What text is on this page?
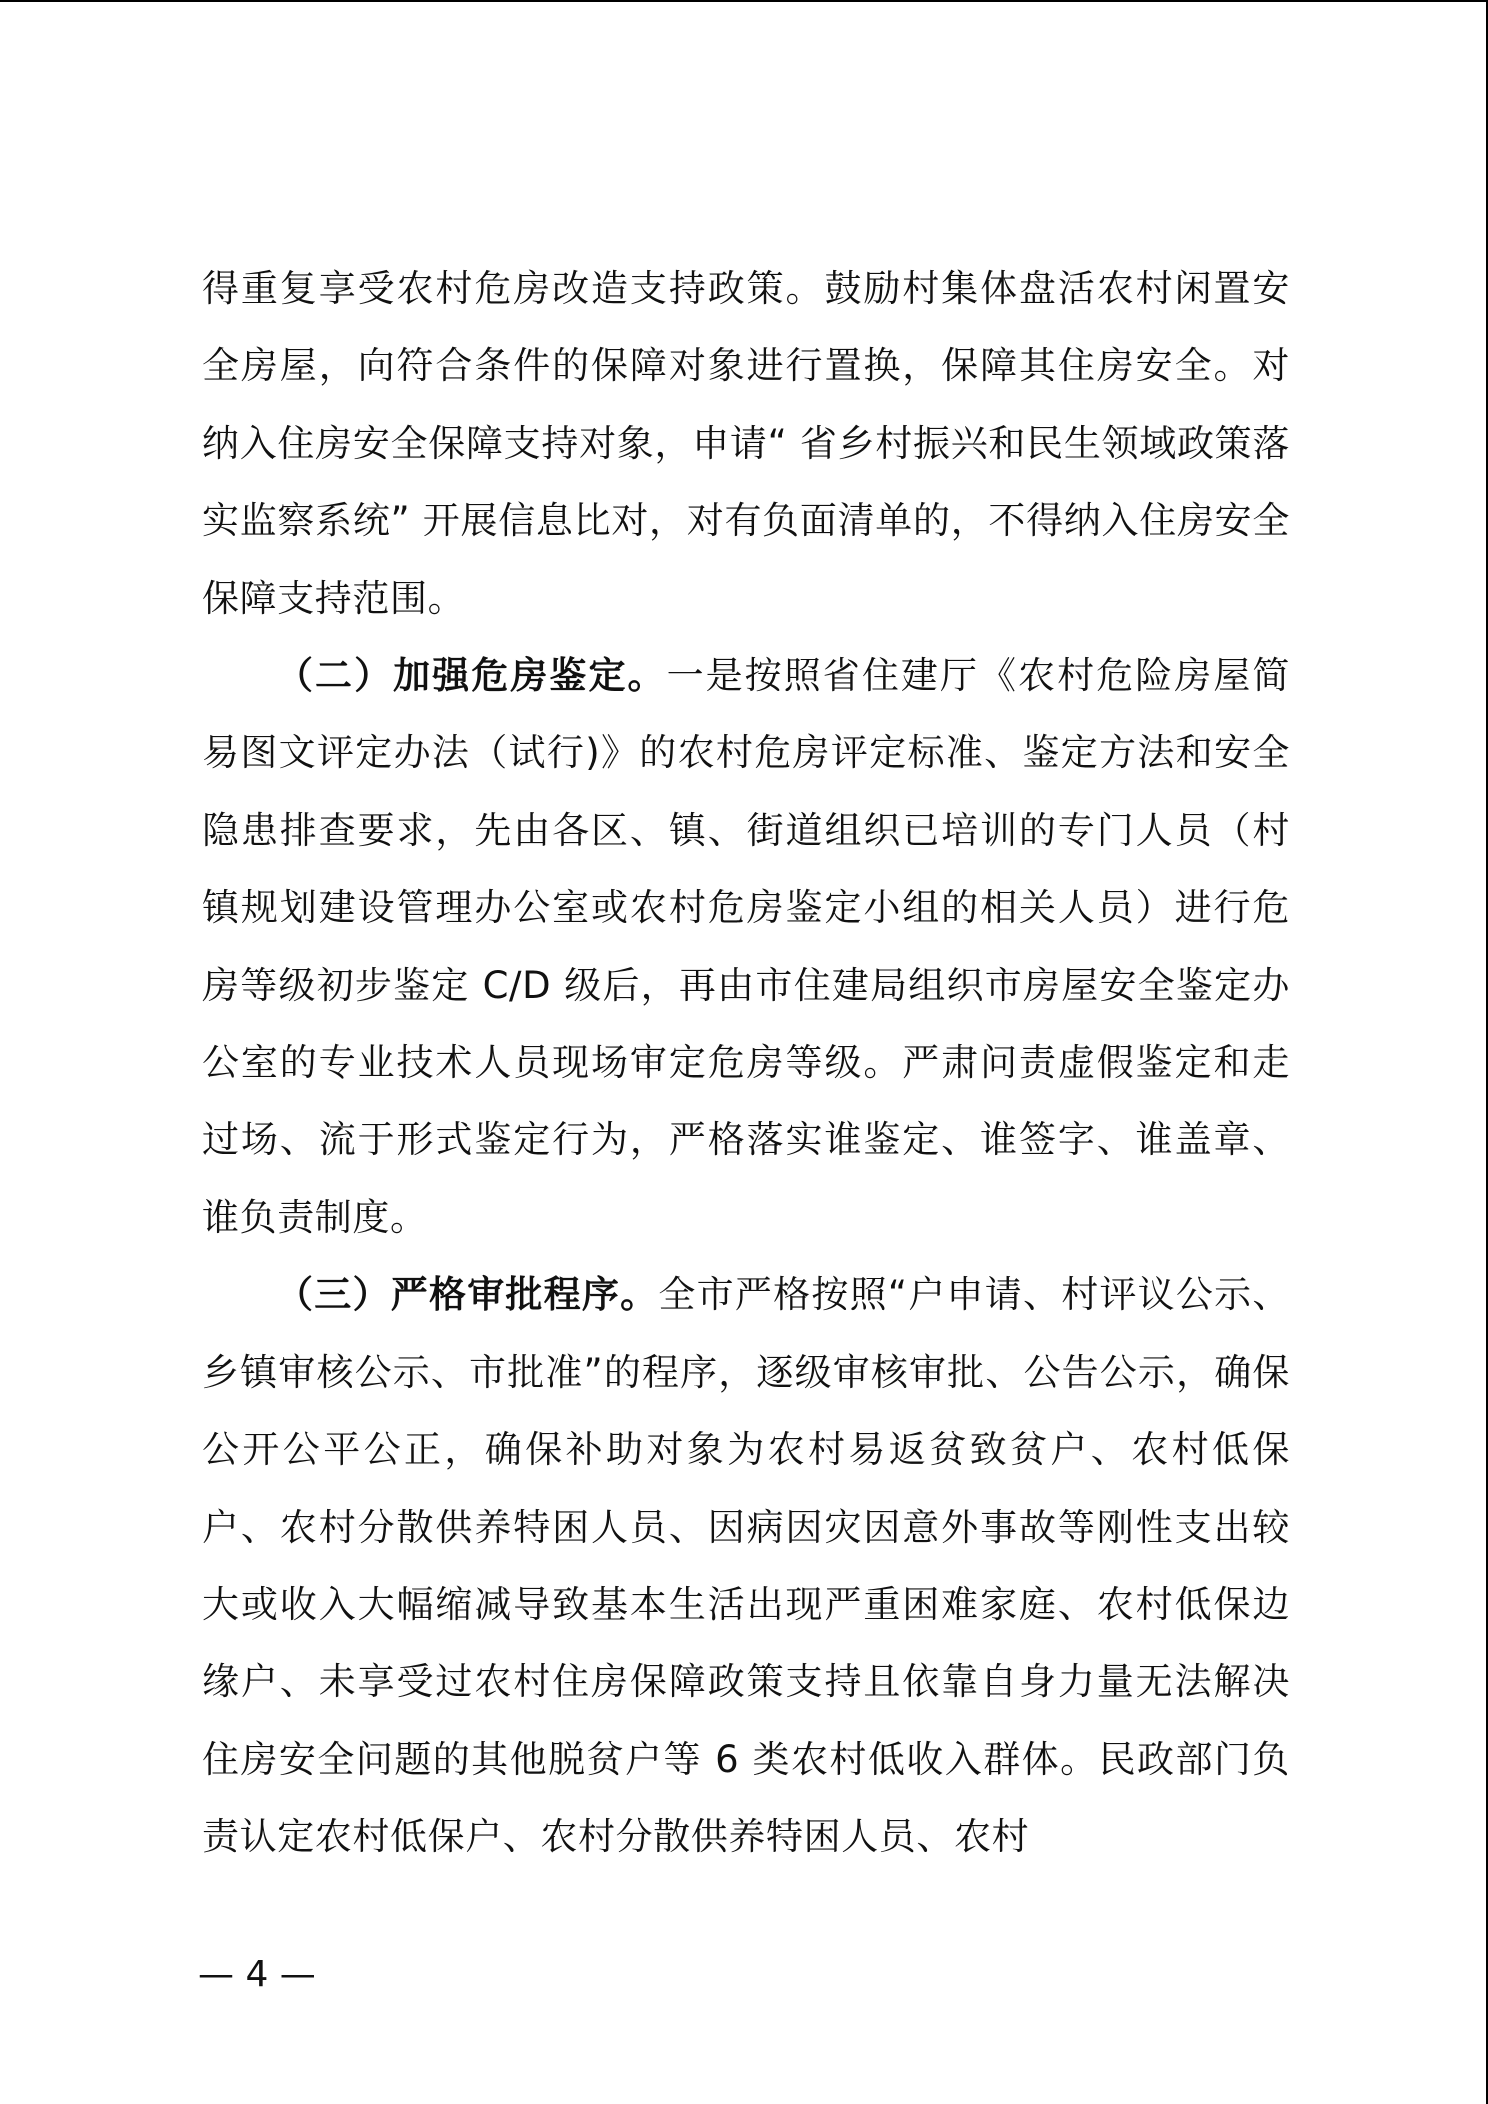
得重复享受农村危房改造支持政策。鼓励村集体盘活农村闲置安全房屋，向符合条件的保障对象进行置换，保障其住房安全。对纳入住房安全保障支持对象，申请“ 省乡村振兴和民生领域政策落实监察系统” 开展信息比对，对有负面清单的，不得纳入住房安全保障支持范围。

（二）加强危房鉴定。一是按照省住建厅《农村危险房屋简易图文评定办法（试行)》的农村危房评定标准、鉴定方法和安全隐患排查要求，先由各区、镇、街道组织已培训的专门人员（村镇规划建设管理办公室或农村危房鉴定小组的相关人员）进行危房等级初步鉴定 C/D 级后，再由市住建局组织市房屋安全鉴定办公室的专业技术人员现场审定危房等级。严肃问责虚假鉴定和走过场、流于形式鉴定行为，严格落实谁鉴定、谁签字、谁盖章、谁负责制度。

（三）严格审批程序。全市严格按照“户申请、村评议公示、乡镇审核公示、市批准”的程序，逐级审核审批、公告公示，确保公开公平公正，确保补助对象为农村易返贫致贫户、农村低保户、农村分散供养特困人员、因病因灾因意外事故等刚性支出较大或收入大幅缩减导致基本生活出现严重困难家庭、农村低保边缘户、未享受过农村住房保障政策支持且依靠自身力量无法解决住房安全问题的其他脱贫户等 6 类农村低收入群体。民政部门负责认定农村低保户、农村分散供养特困人员、农村

— 4 —
